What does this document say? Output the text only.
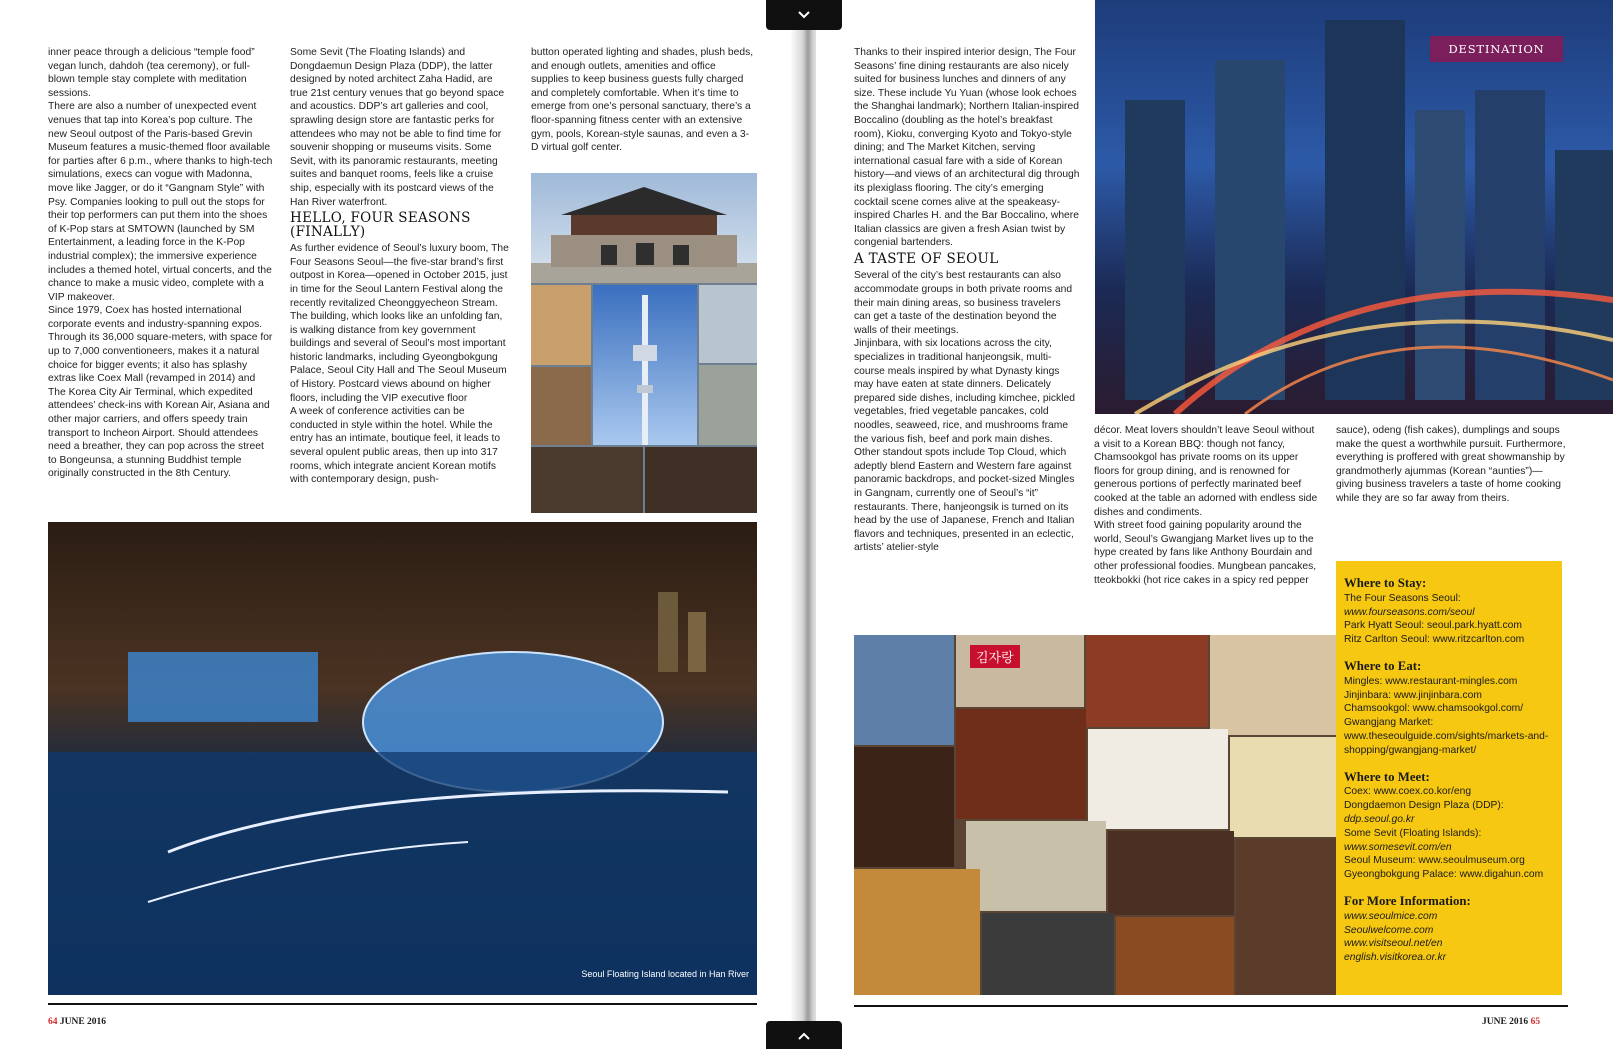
inner peace through a delicious “temple food” vegan lunch, dahdoh (tea ceremony), or full-blown temple stay complete with meditation sessions.

There are also a number of unexpected event venues that tap into Korea’s pop culture. The new Seoul outpost of the Paris-based Grevin Museum features a music-themed floor available for parties after 6 p.m., where thanks to high-tech simulations, execs can vogue with Madonna, move like Jagger, or do it “Gangnam Style” with Psy. Companies looking to pull out the stops for their top performers can put them into the shoes of K-Pop stars at SMTOWN (launched by SM Entertainment, a leading force in the K-Pop industrial complex); the immersive experience includes a themed hotel, virtual concerts, and the chance to make a music video, complete with a VIP makeover.

Since 1979, Coex has hosted international corporate events and industry-spanning expos. Through its 36,000 square-meters, with space for up to 7,000 conventioneers, makes it a natural choice for bigger events; it also has splashy extras like Coex Mall (revamped in 2014) and The Korea City Air Terminal, which expedited attendees’ check-ins with Korean Air, Asiana and other major carriers, and offers speedy train transport to Incheon Airport. Should attendees need a breather, they can pop across the street to Bongeunsa, a stunning Buddhist temple originally constructed in the 8th Century.

Some Sevit (The Floating Islands) and Dongdaemun Design Plaza (DDP), the latter designed by noted architect Zaha Hadid, are true 21st century venues that go beyond space and acoustics. DDP’s art galleries and cool, sprawling design store are fantastic perks for attendees who may not be able to find time for souvenir shopping or museums visits. Some Sevit, with its panoramic restaurants, meeting suites and banquet rooms, feels like a cruise ship, especially with its postcard views of the Han River waterfront.

HELLO, FOUR SEASONS (FINALLY)

As further evidence of Seoul’s luxury boom, The Four Seasons Seoul—the five-star brand’s first outpost in Korea—opened in October 2015, just in time for the Seoul Lantern Festival along the recently revitalized Cheonggyecheon Stream. The building, which looks like an unfolding fan, is walking distance from key government buildings and several of Seoul’s most important historic landmarks, including Gyeongbokgung Palace, Seoul City Hall and The Seoul Museum of History. Postcard views abound on higher floors, including the VIP executive floor

A week of conference activities can be conducted in style within the hotel. While the entry has an intimate, boutique feel, it leads to several opulent public areas, then up into 317 rooms, which integrate ancient Korean motifs with contemporary design, push-

button operated lighting and shades, plush beds, and enough outlets, amenities and office supplies to keep business guests fully charged and completely comfortable. When it’s time to emerge from one’s personal sanctuary, there’s a floor-spanning fitness center with an extensive gym, pools, Korean-style saunas, and even a 3-D virtual golf center.

Seoul Floating Island located in Han River
64 JUNE 2016

Thanks to their inspired interior design, The Four Seasons’ fine dining restaurants are also nicely suited for business lunches and dinners of any size. These include Yu Yuan (whose look echoes the Shanghai landmark); Northern Italian-inspired Boccalino (doubling as the hotel’s breakfast room), Kioku, converging Kyoto and Tokyo-style dining; and The Market Kitchen, serving international casual fare with a side of Korean history—and views of an architectural dig through its plexiglass flooring. The city’s emerging cocktail scene comes alive at the speakeasy-inspired Charles H. and the Bar Boccalino, where Italian classics are given a fresh Asian twist by congenial bartenders.

A TASTE OF SEOUL

Several of the city’s best restaurants can also accommodate groups in both private rooms and their main dining areas, so business travelers can get a taste of the destination beyond the walls of their meetings.

Jinjinbara, with six locations across the city, specializes in traditional hanjeongsik, multi-course meals inspired by what Dynasty kings may have eaten at state dinners. Delicately prepared side dishes, including kimchee, pickled vegetables, fried vegetable pancakes, cold noodles, seaweed, rice, and mushrooms frame the various fish, beef and pork main dishes.

Other standout spots include Top Cloud, which adeptly blend Eastern and Western fare against panoramic backdrops, and pocket-sized Mingles in Gangnam, currently one of Seoul’s “it” restaurants. There, hanjeongsik is turned on its head by the use of Japanese, French and Italian flavors and techniques, presented in an eclectic, artists’ atelier-style

décor. Meat lovers shouldn’t leave Seoul without a visit to a Korean BBQ: though not fancy, Chamsookgol has private rooms on its upper floors for group dining, and is renowned for generous portions of perfectly marinated beef cooked at the table an adorned with endless side dishes and condiments.

With street food gaining popularity around the world, Seoul’s Gwangjang Market lives up to the hype created by fans like Anthony Bourdain and other professional foodies. Mungbean pancakes, tteokbokki (hot rice cakes in a spicy red pepper

sauce), odeng (fish cakes), dumplings and soups make the quest a worthwhile pursuit. Furthermore, everything is proffered with great showmanship by grandmotherly ajummas (Korean “aunties”)—giving business travelers a taste of home cooking while they are so far away from theirs.

김자랑
Where to Stay:
The Four Seasons Seoul:
www.fourseasons.com/seoul
Park Hyatt Seoul: seoul.park.hyatt.com
Ritz Carlton Seoul: www.ritzcarlton.com
Where to Eat:
Mingles: www.restaurant-mingles.com
Jinjinbara: www.jinjinbara.com
Chamsookgol: www.chamsookgol.com/
Gwangjang Market: www.theseoulguide.com/sights/markets-and-shopping/gwangjang-market/
Where to Meet:
Coex: www.coex.co.kor/eng
Dongdaemon Design Plaza (DDP):
ddp.seoul.go.kr
Some Sevit (Floating Islands):
www.somesevit.com/en
Seoul Museum: www.seoulmuseum.org
Gyeongbokgung Palace: www.digahun.com
For More Information:
www.seoulmice.com
Seoulwelcome.com
www.visitseoul.net/en
english.visitkorea.or.kr
JUNE 2016 65
DESTINATION
